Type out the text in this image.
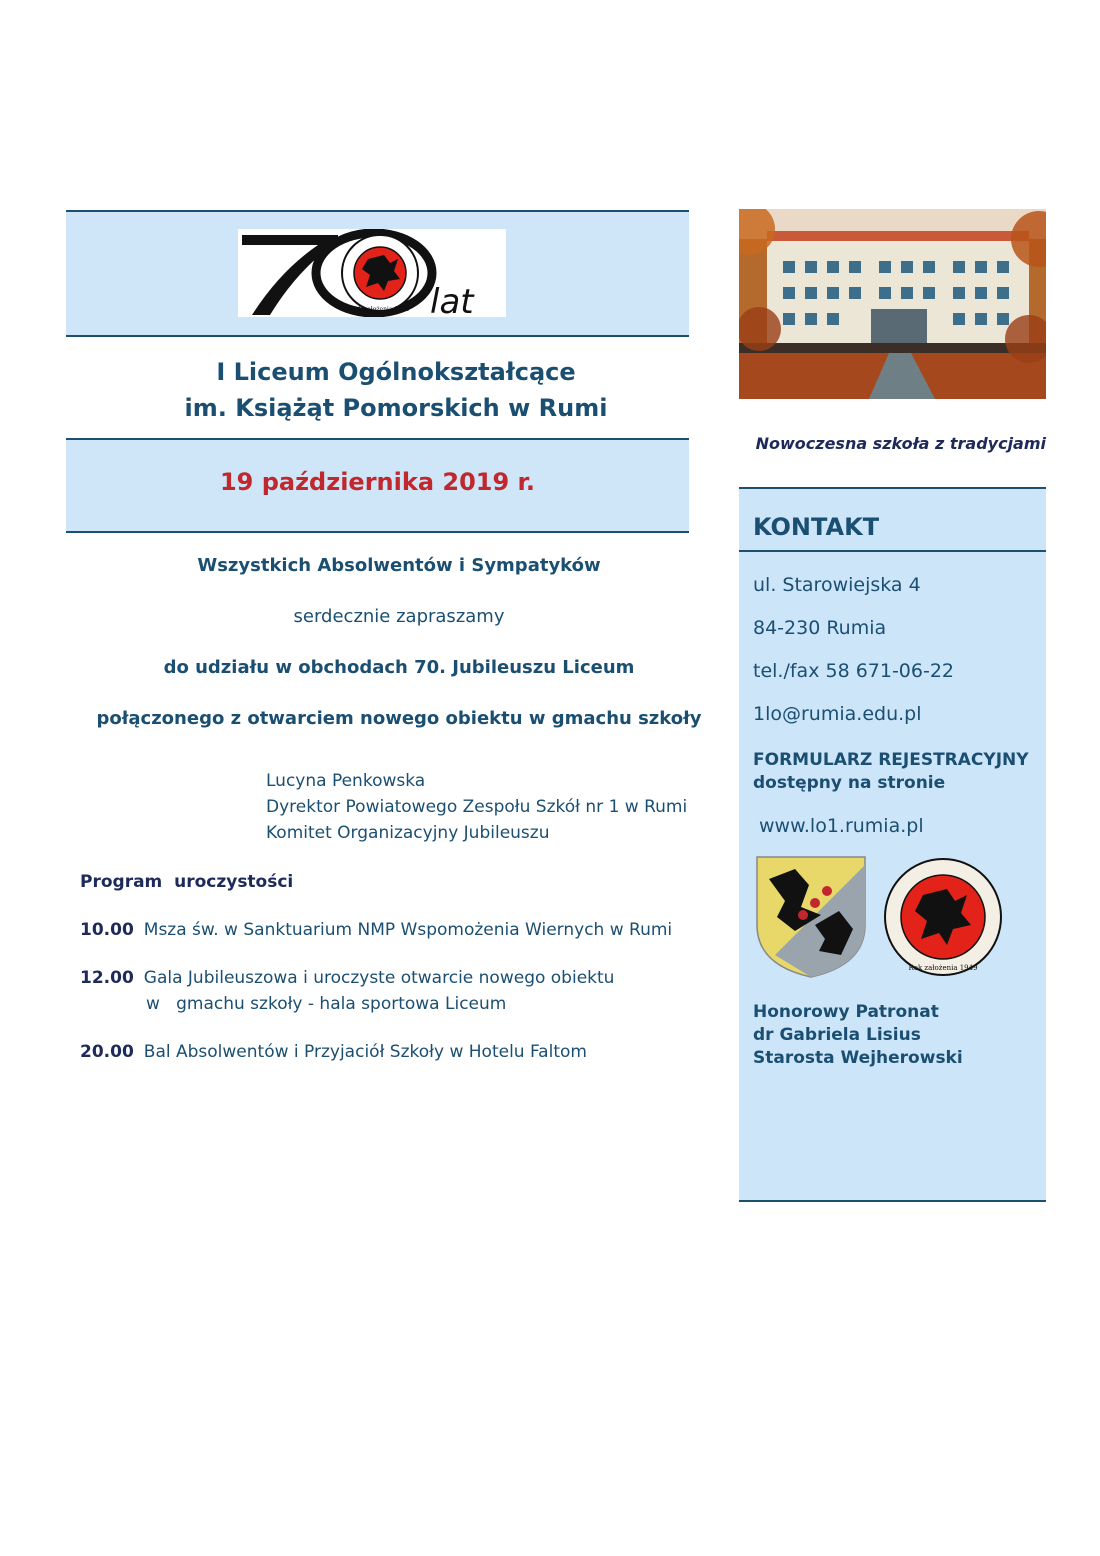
Rok założenia 1949 lat
I Liceum Ogólnokształcące
im. Książąt Pomorskich w Rumi
19 października 2019 r.
Wszystkich Absolwentów i Sympatyków
serdecznie zapraszamy
do udziału w obchodach 70. Jubileuszu Liceum
połączonego z otwarciem nowego obiektu w gmachu szkoły
Lucyna Penkowska
Dyrektor Powiatowego Zespołu Szkół nr 1 w Rumi
Komitet Organizacyjny Jubileuszu
Program  uroczystości
10.00 Msza św. w Sanktuarium NMP Wspomożenia Wiernych w Rumi
12.00 Gala Jubileuszowa i uroczyste otwarcie nowego obiektu
w   gmachu szkoły - hala sportowa Liceum
20.00 Bal Absolwentów i Przyjaciół Szkoły w Hotelu Faltom
Nowoczesna szkoła z tradycjami
KONTAKT
ul. Starowiejska 4
84-230 Rumia
tel./fax 58 671-06-22
1lo@rumia.edu.pl
FORMULARZ REJESTRACYJNY
dostępny na stronie
www.lo1.rumia.pl
Rok założenia 1949
Honorowy Patronat
dr Gabriela Lisius
Starosta Wejherowski
